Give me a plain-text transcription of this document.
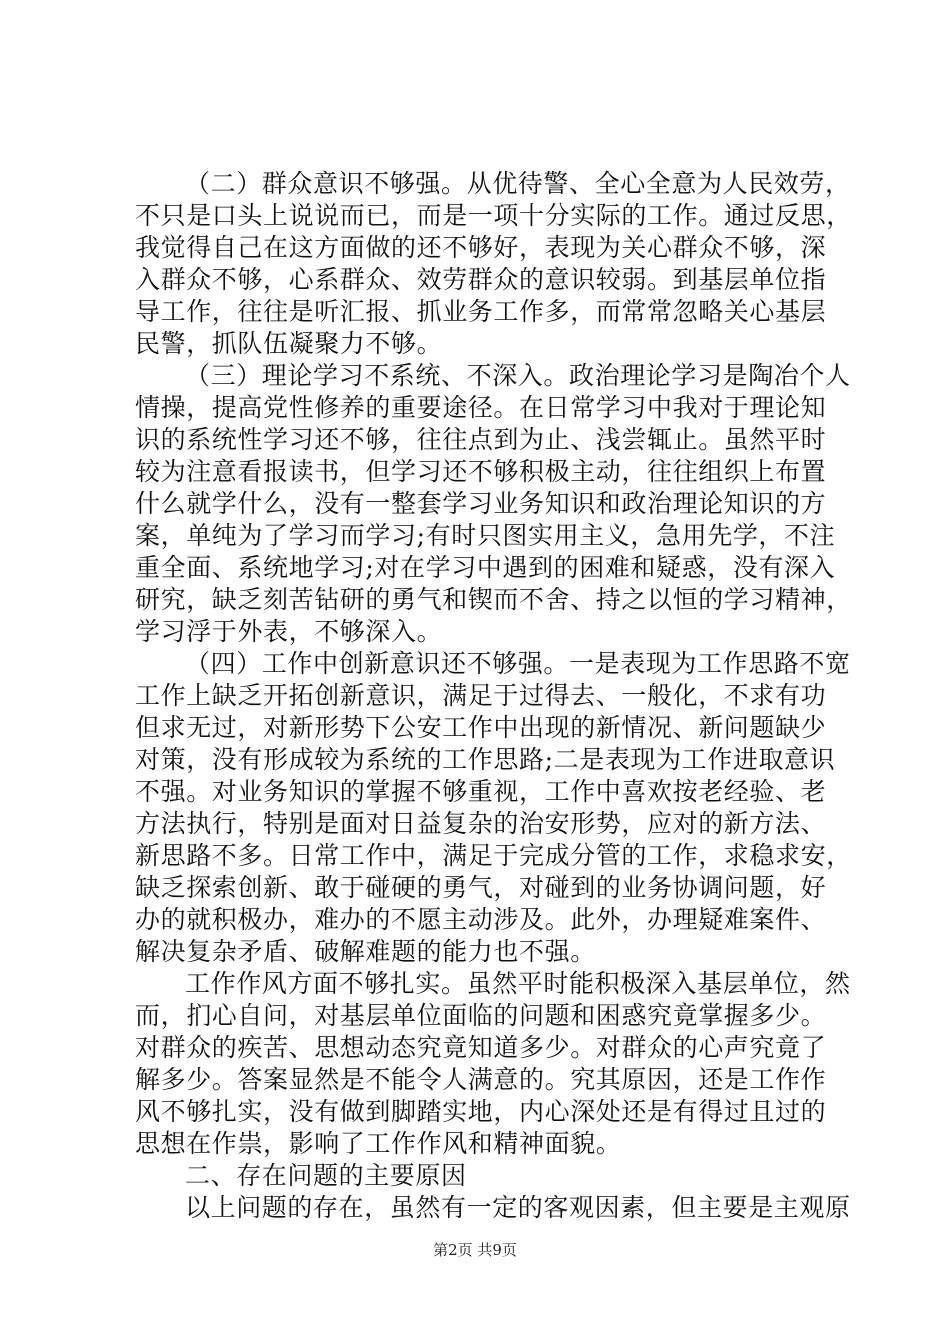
（二）群众意识不够强。从优待警、全心全意为人民效劳，
不只是口头上说说而已，而是一项十分实际的工作。通过反思，
我觉得自己在这方面做的还不够好，表现为关心群众不够，深
入群众不够，心系群众、效劳群众的意识较弱。到基层单位指
导工作，往往是听汇报、抓业务工作多，而常常忽略关心基层
民警，抓队伍凝聚力不够。
（三）理论学习不系统、不深入。政治理论学习是陶冶个人
情操，提高党性修养的重要途径。在日常学习中我对于理论知
识的系统性学习还不够，往往点到为止、浅尝辄止。虽然平时
较为注意看报读书，但学习还不够积极主动，往往组织上布置
什么就学什么，没有一整套学习业务知识和政治理论知识的方
案，单纯为了学习而学习;有时只图实用主义，急用先学，不注
重全面、系统地学习;对在学习中遇到的困难和疑惑，没有深入
研究，缺乏刻苦钻研的勇气和锲而不舍、持之以恒的学习精神，
学习浮于外表，不够深入。
（四）工作中创新意识还不够强。一是表现为工作思路不宽
工作上缺乏开拓创新意识，满足于过得去、一般化，不求有功
但求无过，对新形势下公安工作中出现的新情况、新问题缺少
对策，没有形成较为系统的工作思路;二是表现为工作进取意识
不强。对业务知识的掌握不够重视，工作中喜欢按老经验、老
方法执行，特别是面对日益复杂的治安形势，应对的新方法、
新思路不多。日常工作中，满足于完成分管的工作，求稳求安，
缺乏探索创新、敢于碰硬的勇气，对碰到的业务协调问题，好
办的就积极办，难办的不愿主动涉及。此外，办理疑难案件、
解决复杂矛盾、破解难题的能力也不强。
工作作风方面不够扎实。虽然平时能积极深入基层单位，然
而，扪心自问，对基层单位面临的问题和困惑究竟掌握多少。
对群众的疾苦、思想动态究竟知道多少。对群众的心声究竟了
解多少。答案显然是不能令人满意的。究其原因，还是工作作
风不够扎实，没有做到脚踏实地，内心深处还是有得过且过的
思想在作祟，影响了工作作风和精神面貌。
二、存在问题的主要原因
以上问题的存在，虽然有一定的客观因素，但主要是主观原
第2页 共9页
